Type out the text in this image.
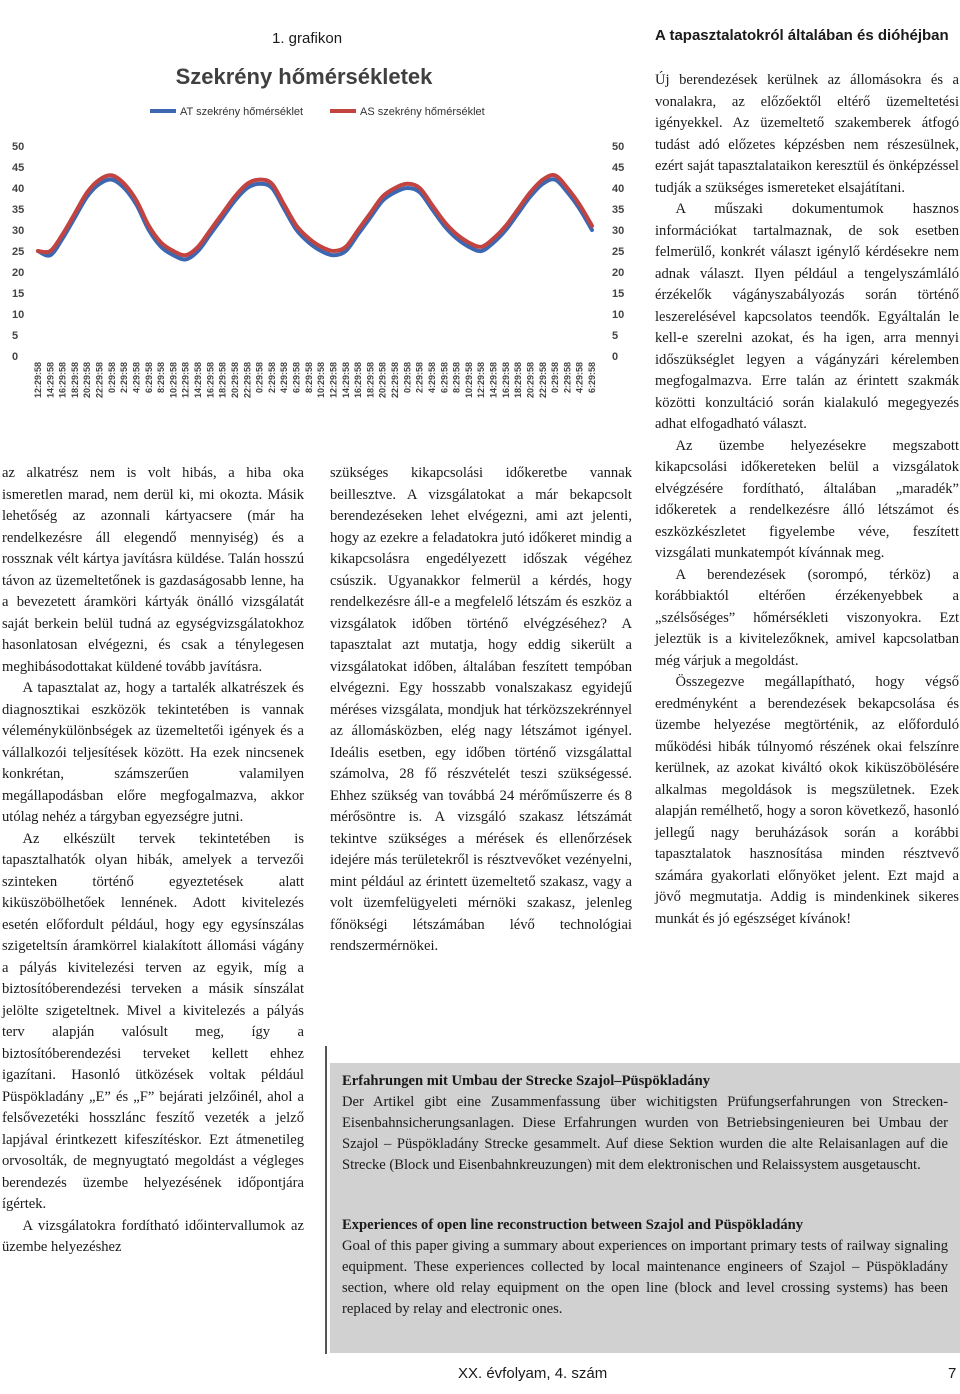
1. grafikon
Szekrény hőmérsékletek
AT szekrény hőmérséklet	AS szekrény hőmérséklet
0
5
10
15
20
25
30
35
40
45
50
0
5
10
15
20
25
30
35
40
45
50
12:29:58 14:29:58 16:29:58 18:29:58 20:29:58 22:29:58 0:29:58 2:29:58 4:29:58 6:29:58 8:29:58 10:29:58 12:29:58 14:29:58 16:29:58 18:29:58 20:29:58 22:29:58 0:29:58 2:29:58 4:29:58 6:29:58 8:29:58 10:29:58 12:29:58 14:29:58 16:29:58 18:29:58 20:29:58 22:29:58 0:29:58 2:29:58 4:29:58 6:29:58 8:29:58 10:29:58 12:29:58 14:29:58 16:29:58 18:29:58 20:29:58 22:29:58 0:29:58 2:29:58 4:29:58 6:29:58

az alkatrész nem is volt hibás, a hiba oka ismeretlen marad, nem derül ki, mi okozta. Másik lehetőség az azonnali kártyacsere (már ha rendelkezésre áll elegendő mennyiség) és a rossznak vélt kártya javításra küldése. Talán hosszú távon az üzemeltetőnek is gazdaságosabb lenne, ha a bevezetett áramköri kártyák önálló vizsgálatát saját berkein belül tudná az egységvizsgálatokhoz hasonlatosan elvégezni, és csak a ténylegesen meghibásodottakat küldené tovább javításra.

A tapasztalat az, hogy a tartalék alkatrészek és diagnosztikai eszközök tekintetében is vannak véleménykülönbségek az üzemeltetői igények és a vállalkozói teljesítések között. Ha ezek nincsenek konkrétan, számszerűen valamilyen megállapodásban előre megfogalmazva, akkor utólag nehéz a tárgyban egyezségre jutni.

Az elkészült tervek tekintetében is tapasztalhatók olyan hibák, amelyek a tervezői szinteken történő egyeztetések alatt kiküszöbölhetőek lennének. Adott kivitelezés esetén előfordult például, hogy egy egysínszálas szigeteltsín áramkörrel kialakított állomási vágány a pályás kivitelezési terven az egyik, míg a biztosítóberendezési terveken a másik sínszálat jelölte szigeteltnek. Mivel a kivitelezés a pályás terv alapján valósult meg, így a biztosítóberendezési terveket kellett ehhez igazítani. Hasonló ütközések voltak például Püspökladány „E” és „F” bejárati jelzőinél, ahol a felsővezetéki hosszlánc feszítő vezeték a jelző lapjával érintkezett kifeszítéskor. Ezt átmenetileg orvosolták, de megnyugtató megoldást a végleges berendezés üzembe helyezésének időpontjára ígértek.

A vizsgálatokra fordítható időintervallumok az üzembe helyezéshez

szükséges kikapcsolási időkeretbe vannak beillesztve. A vizsgálatokat a már bekapcsolt berendezéseken lehet elvégezni, ami azt jelenti, hogy az ezekre a feladatokra jutó időkeret mindig a kikapcsolásra engedélyezett időszak végéhez csúszik. Ugyanakkor felmerül a kérdés, hogy rendelkezésre áll-e a megfelelő létszám és eszköz a vizsgálatok időben történő elvégzéséhez? A tapasztalat azt mutatja, hogy eddig sikerült a vizsgálatokat időben, általában feszített tempóban elvégezni. Egy hosszabb vonalszakasz egyidejű méréses vizsgálata, mondjuk hat térközszekrénnyel az állomásközben, elég nagy létszámot igényel. Ideális esetben, egy időben történő vizsgálattal számolva, 28 fő részvételét teszi szükségessé. Ehhez szükség van továbbá 24 mérőműszerre és 8 mérősöntre is. A vizsgáló szakasz létszámát tekintve szükséges a mérések és ellenőrzések idejére más területekről is résztvevőket vezényelni, mint például az érintett üzemeltető szakasz, vagy a volt üzemfelügyeleti mérnöki szakasz, jelenleg főnökségi létszámában lévő technológiai rendszermérnökei.

A tapasztalatokról általában és dióhéjban

Új berendezések kerülnek az állomásokra és a vonalakra, az előzőektől eltérő üzemeltetési igényekkel. Az üzemeltető szakemberek átfogó tudást adó előzetes képzésben nem részesülnek, ezért saját tapasztalataikon keresztül és önképzéssel tudják a szükséges ismereteket elsajátítani.

A műszaki dokumentumok hasznos információkat tartalmaznak, de sok esetben felmerülő, konkrét választ igénylő kérdésekre nem adnak választ. Ilyen például a tengelyszámláló érzékelők vágányszabályozás során történő leszerelésével kapcsolatos teendők. Egyáltalán le kell-e szerelni azokat, és ha igen, arra mennyi időszükséglet legyen a vágányzári kérelemben megfogalmazva. Erre talán az érintett szakmák közötti konzultáció során kialakuló megegyezés adhat elfogadható választ.

Az üzembe helyezésekre megszabott kikapcsolási időkereteken belül a vizsgálatok elvégzésére fordítható, általában „maradék” időkeretek a rendelkezésre álló létszámot és eszközkészletet figyelembe véve, feszített vizsgálati munkatempót kívánnak meg.

A berendezések (sorompó, térköz) a korábbiaktól eltérően érzékenyebbek a „szélsőséges” hőmérsékleti viszonyokra. Ezt jeleztük is a kivitelezőknek, amivel kapcsolatban még várjuk a megoldást.

Összegezve megállapítható, hogy végső eredményként a berendezések bekapcsolása és üzembe helyezése megtörténik, az előforduló működési hibák túlnyomó részének okai felszínre kerülnek, az azokat kiváltó okok kiküszöbölésére alkalmas megoldások is megszületnek. Ezek alapján remélhető, hogy a soron következő, hasonló jellegű nagy beruházások során a korábbi tapasztalatok hasznosítása minden résztvevő számára gyakorlati előnyöket jelent. Ezt majd a jövő megmutatja. Addig is mindenkinek sikeres munkát és jó egészséget kívánok!

Erfahrungen mit Umbau der Strecke Szajol–Püspökladány

Der Artikel gibt eine Zusammenfassung über wichitigsten Prüfungserfahrungen von Strecken-Eisenbahnsicherungsanlagen. Diese Erfahrungen wurden von Betriebsingenieuren bei Umbau der Szajol – Püspökladány Strecke gesammelt. Auf diese Sektion wurden die alte Relaisanlagen auf die Strecke (Block und Eisenbahnkreuzungen) mit dem elektronischen und Relaissystem ausgetauscht.

Experiences of open line reconstruction between Szajol and Püspökladány

Goal of this paper giving a summary about experiences on important primary tests of railway signaling equipment. These experiences collected by local maintenance engineers of Szajol – Püspökladány section, where old relay equipment on the open line (block and level crossing systems) has been replaced by relay and electronic ones.

XX. évfolyam, 4. szám	7
